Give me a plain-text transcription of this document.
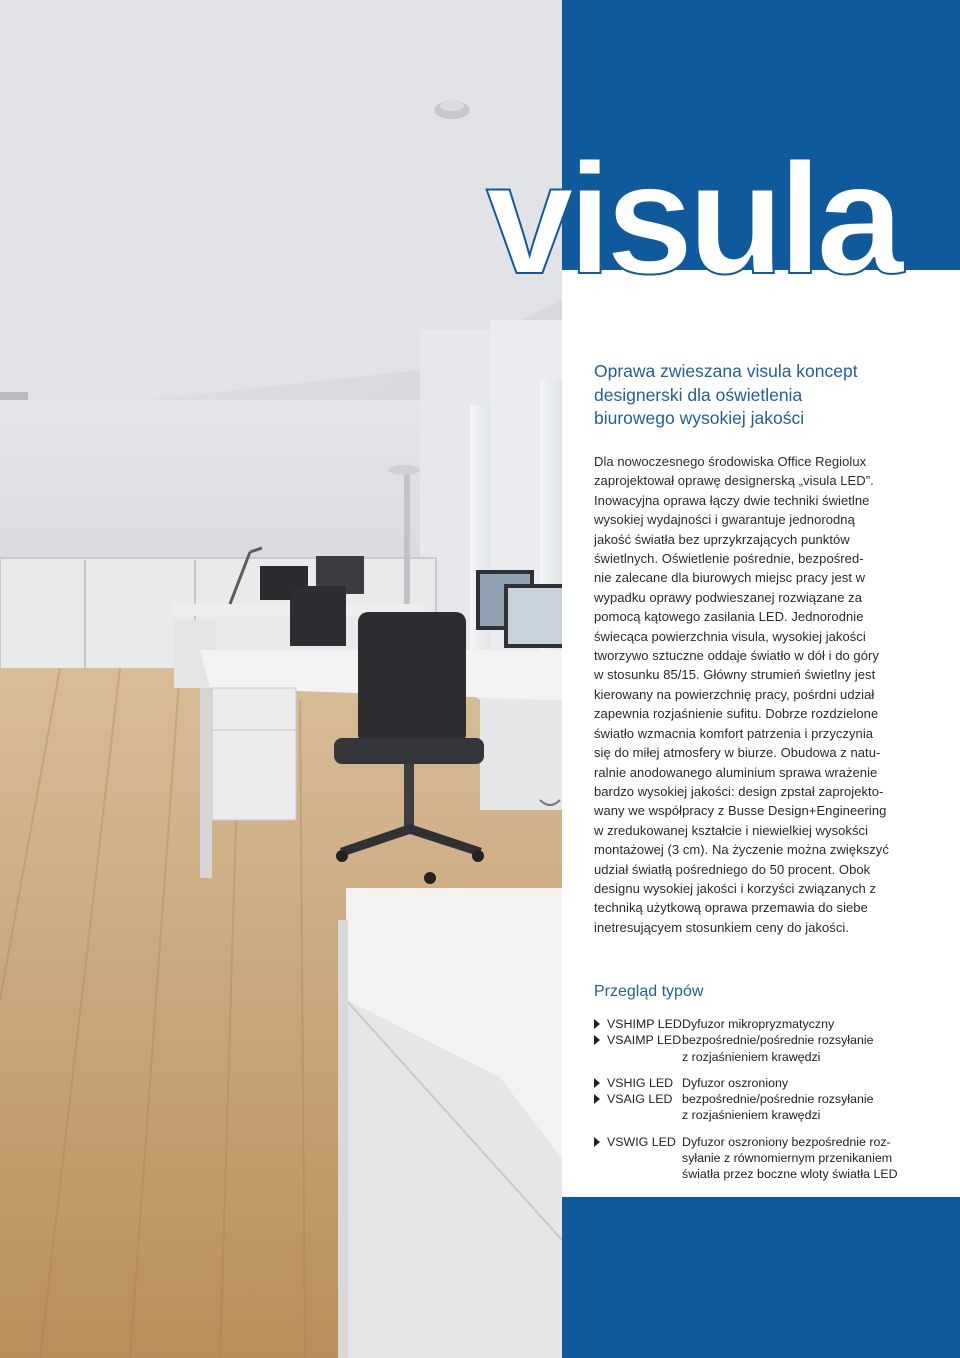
visula
Oprawa zwieszana visula koncept
designerski dla oświetlenia
biurowego wysokiej jakości
Dla nowoczesnego środowiska Office Regiolux
zaprojektował oprawę designerską „visula LED”.
Inowacyjna oprawa łączy dwie techniki świetlne
wysokiej wydajności i gwarantuje jednorodną
jakość światła bez uprzykrzających punktów
świetlnych. Oświetlenie pośrednie, bezpośred-
nie zalecane dla biurowych miejsc pracy jest w
wypadku oprawy podwieszanej rozwiązane za
pomocą kątowego zasilania LED. Jednorodnie
świecąca powierzchnia visula, wysokiej jakości
tworzywo sztuczne oddaje światło w dół i do góry
w stosunku 85/15. Główny strumień świetlny jest
kierowany na powierzchnię pracy, pośrdni udział
zapewnia rozjaśnienie sufitu. Dobrze rozdzielone
światło wzmacnia komfort patrzenia i przyczynia
się do miłej atmosfery w biurze. Obudowa z natu-
ralnie anodowanego aluminium sprawa wrażenie
bardzo wysokiej jakości: design zpstał zaprojekto-
wany we współpracy z Busse Design+Engineering
w zredukowanej kształcie i niewielkiej wysokści
montażowej (3 cm). Na życzenie można zwiększyć
udział światłą pośredniego do 50 procent. Obok
designu wysokiej jakości i korzyści związanych z
techniką użytkową oprawa przemawia do siebe
inetresującyem stosunkiem ceny do jakości.
Przegląd typów
VSHIMP LED
VSAIMP LED
Dyfuzor mikropryzmatyczny
bezpośrednie/pośrednie rozsyłanie
z rozjaśnieniem krawędzi
VSHIG LED
VSAIG LED
Dyfuzor oszroniony
bezpośrednie/pośrednie rozsyłanie
z rozjaśnieniem krawędzi
VSWIG LED Dyfuzor oszroniony bezpośrednie roz-
syłanie z równomiernym przenikaniem
światła przez boczne wloty światła LED
